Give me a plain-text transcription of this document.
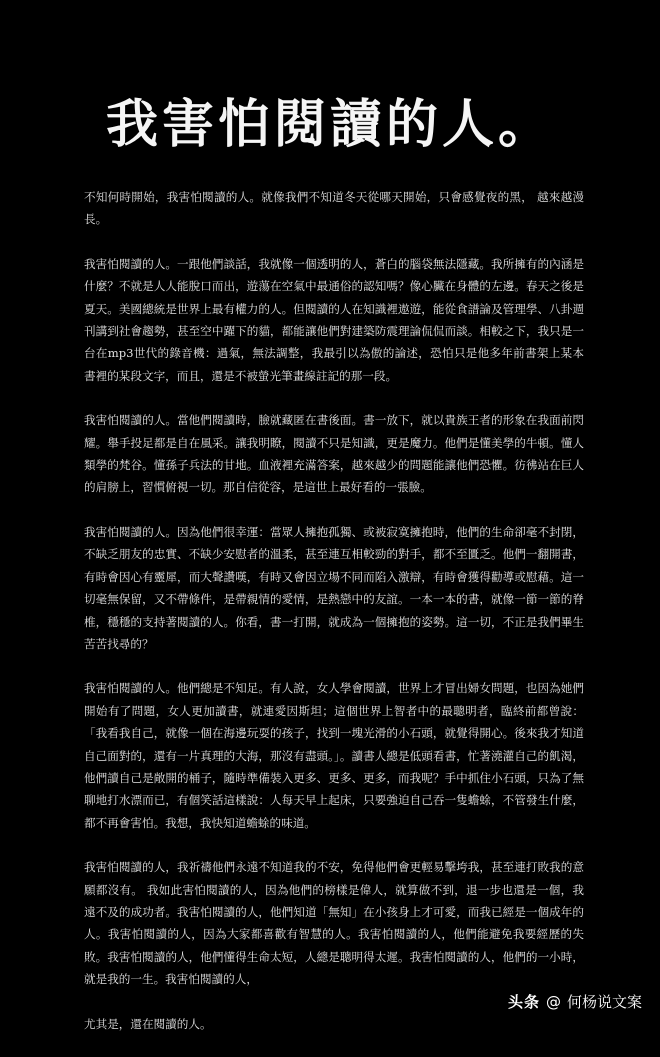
我害怕閱讀的人。

不知何時開始，我害怕閱讀的人。就像我們不知道冬天從哪天開始，只會感覺夜的黑， 越來越漫長。

我害怕閱讀的人。一跟他們談話，我就像一個透明的人，蒼白的腦袋無法隱藏。我所擁有的內涵是什麼？不就是人人能脫口而出，遊蕩在空氣中最通俗的認知嗎？像心臟在身體的左邊。春天之後是夏天。美國總統是世界上最有權力的人。但閱讀的人在知識裡遨遊，能從食譜論及管理學、八卦週刊講到社會趨勢，甚至空中躍下的貓，都能讓他們對建築防震理論侃侃而談。相較之下，我只是一台在mp3世代的錄音機：過氣，無法調整，我最引以為傲的論述，恐怕只是他多年前書架上某本書裡的某段文字，而且，還是不被螢光筆畫線註記的那一段。

我害怕閱讀的人。當他們閱讀時，臉就藏匿在書後面。書一放下，就以貴族王者的形象在我面前閃耀。舉手投足都是自在風采。讓我明瞭，閱讀不只是知識，更是魔力。他們是懂美學的牛頓。懂人類學的梵谷。懂孫子兵法的甘地。血液裡充滿答案，越來越少的問題能讓他們恐懼。彷彿站在巨人的肩膀上，習慣俯視一切。那自信從容，是這世上最好看的一張臉。

我害怕閱讀的人。因為他們很幸運：當眾人擁抱孤獨、或被寂寞擁抱時，他們的生命卻毫不封閉，不缺乏朋友的忠實、不缺少安慰者的溫柔，甚至連互相較勁的對手，都不至匱乏。他們一翻開書，有時會因心有靈犀，而大聲讚嘆，有時又會因立場不同而陷入激辯，有時會獲得勸導或慰藉。這一切毫無保留，又不帶條件，是帶親情的愛情，是熱戀中的友誼。一本一本的書，就像一節一節的脊椎，穩穩的支持著閱讀的人。你看，書一打開，就成為一個擁抱的姿勢。這一切，不正是我們畢生苦苦找尋的？

我害怕閱讀的人。他們總是不知足。有人說，女人學會閱讀，世界上才冒出婦女問題，也因為她們開始有了問題，女人更加讀書，就連愛因斯坦；這個世界上智者中的最聰明者，臨終前都曾說：「我看我自己，就像一個在海邊玩耍的孩子，找到一塊光滑的小石頭，就覺得開心。後來我才知道自己面對的，還有一片真理的大海，那沒有盡頭。」。讀書人總是低頭看書，忙著澆灌自己的飢渴，他們讀自己是敞開的桶子，隨時準備裝入更多、更多、更多，而我呢？手中抓住小石頭，只為了無聊地打水漂而已，有個笑話這樣說：人每天早上起床，只要強迫自己吞一隻蟾蜍，不管發生什麼，都不再會害怕。我想，我快知道蟾蜍的味道。

我害怕閱讀的人，我祈禱他們永遠不知道我的不安，免得他們會更輕易擊垮我，甚至連打敗我的意願都沒有。 我如此害怕閱讀的人，因為他們的榜樣是偉人，就算做不到，退一步也還是一個，我遠不及的成功者。我害怕閱讀的人，他們知道「無知」在小孩身上才可愛，而我已經是一個成年的人。我害怕閱讀的人，因為大家都喜歡有智慧的人。我害怕閱讀的人，他們能避免我要經歷的失敗。我害怕閱讀的人，他們懂得生命太短，人總是聰明得太遲。我害怕閱讀的人，他們的一小時，就是我的一生。我害怕閱讀的人，

尤其是，還在閱讀的人。

头条 @ 何杨说文案
